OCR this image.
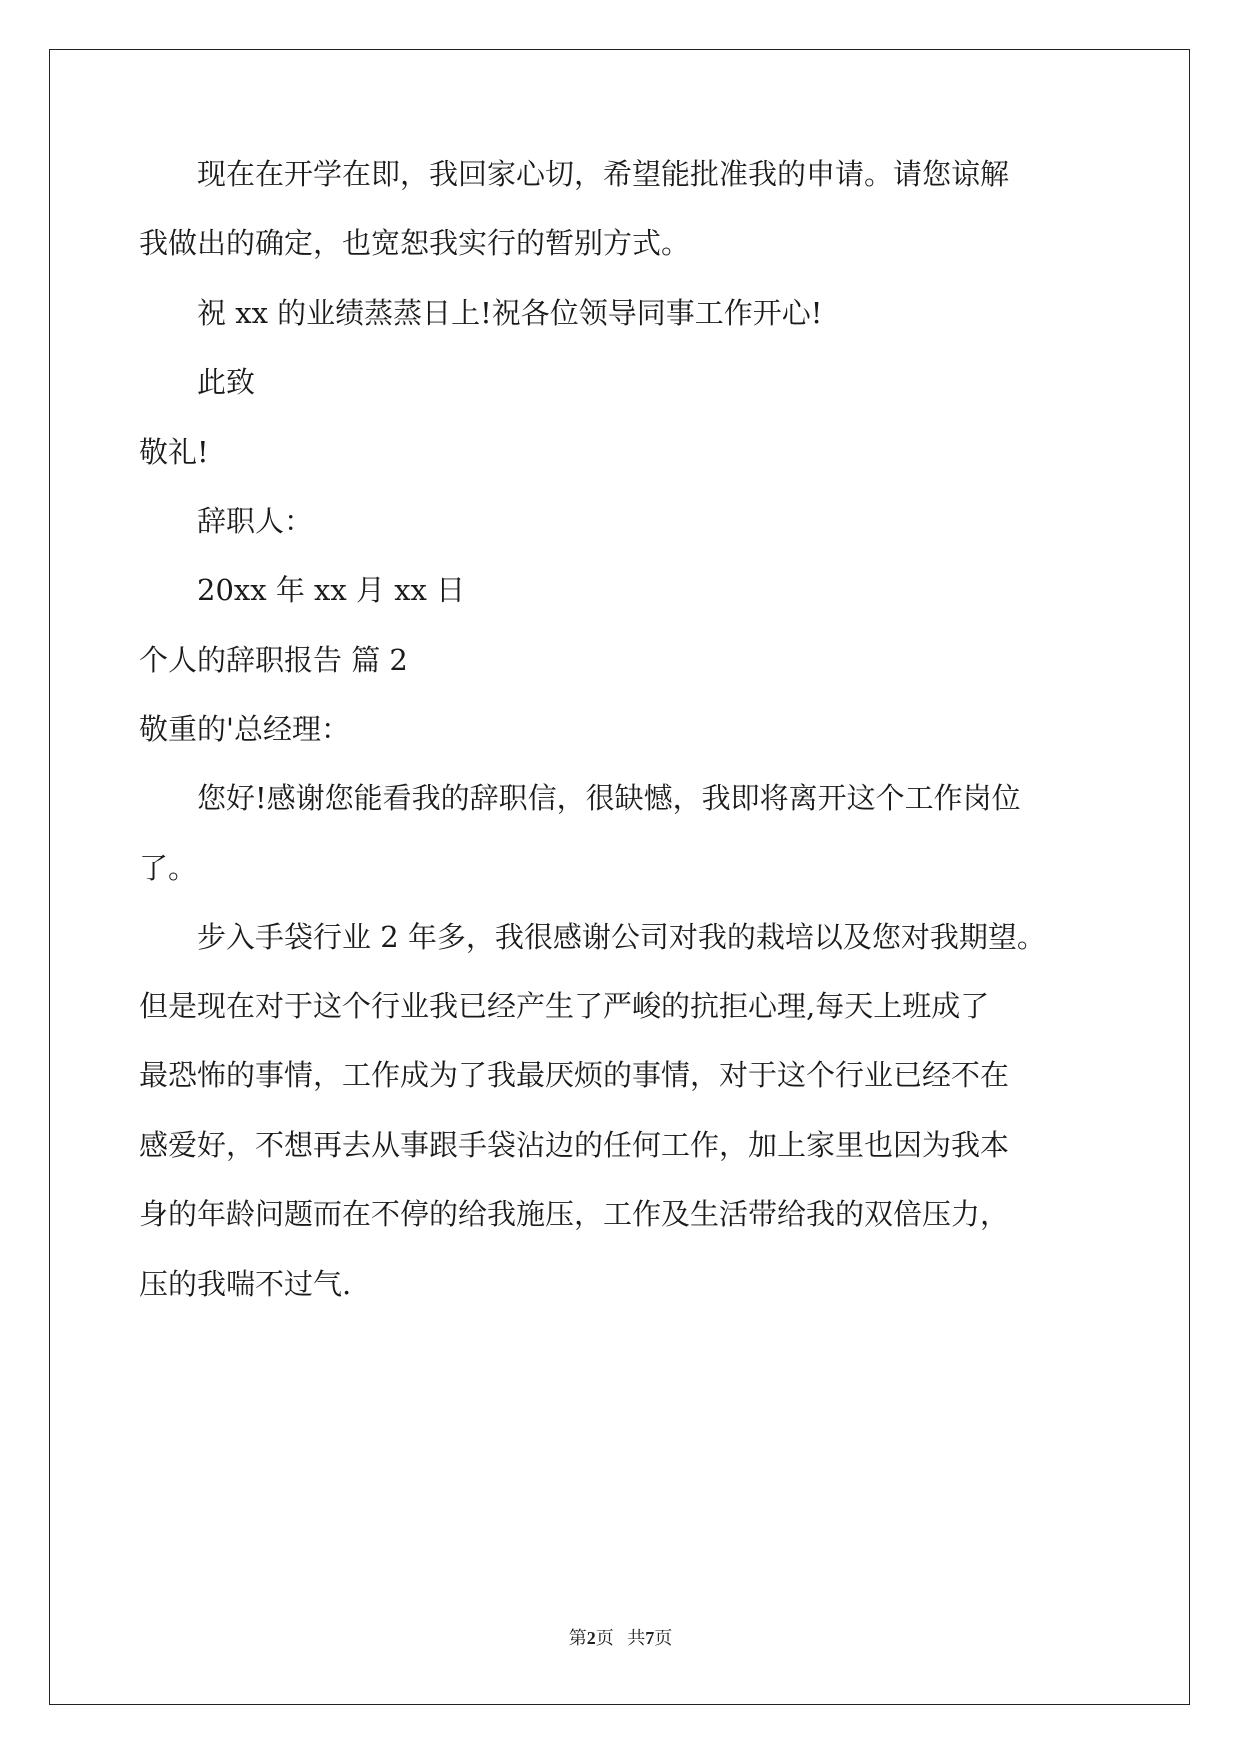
现在在开学在即，我回家心切，希望能批准我的申请。请您谅解
我做出的确定，也宽恕我实行的暂别方式。
祝 xx 的业绩蒸蒸日上!祝各位领导同事工作开心!
此致
敬礼!
辞职人：
20xx 年 xx 月 xx 日
个人的辞职报告 篇 2
敬重的'总经理：
您好!感谢您能看我的辞职信，很缺憾，我即将离开这个工作岗位
了。
步入手袋行业 2 年多，我很感谢公司对我的栽培以及您对我期望。
但是现在对于这个行业我已经产生了严峻的抗拒心理,每天上班成了
最恐怖的事情，工作成为了我最厌烦的事情，对于这个行业已经不在
感爱好，不想再去从事跟手袋沾边的任何工作，加上家里也因为我本
身的年龄问题而在不停的给我施压，工作及生活带给我的双倍压力，
压的我喘不过气.
第2页   共7页
